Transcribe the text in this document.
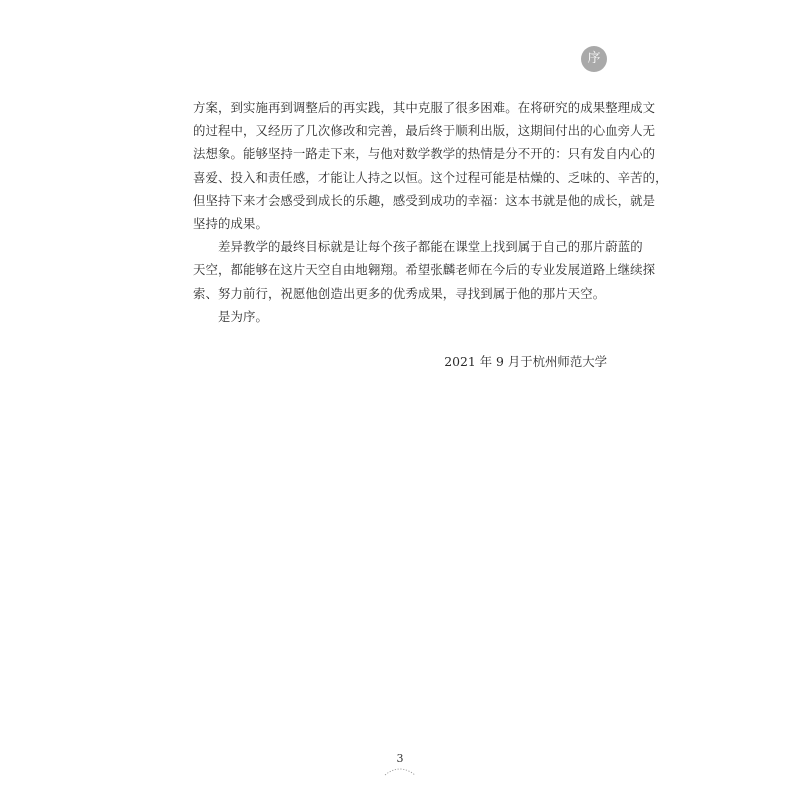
序
方案，到实施再到调整后的再实践，其中克服了很多困难。在将研究的成果整理成文
的过程中，又经历了几次修改和完善，最后终于顺利出版，这期间付出的心血旁人无
法想象。能够坚持一路走下来，与他对数学教学的热情是分不开的：只有发自内心的
喜爱、投入和责任感，才能让人持之以恒。这个过程可能是枯燥的、乏味的、辛苦的，
但坚持下来才会感受到成长的乐趣，感受到成功的幸福：这本书就是他的成长，就是
坚持的成果。
差异教学的最终目标就是让每个孩子都能在课堂上找到属于自己的那片蔚蓝的
天空，都能够在这片天空自由地翱翔。希望张麟老师在今后的专业发展道路上继续探
索、努力前行，祝愿他创造出更多的优秀成果，寻找到属于他的那片天空。
是为序。
2021 年 9 月于杭州师范大学
3
